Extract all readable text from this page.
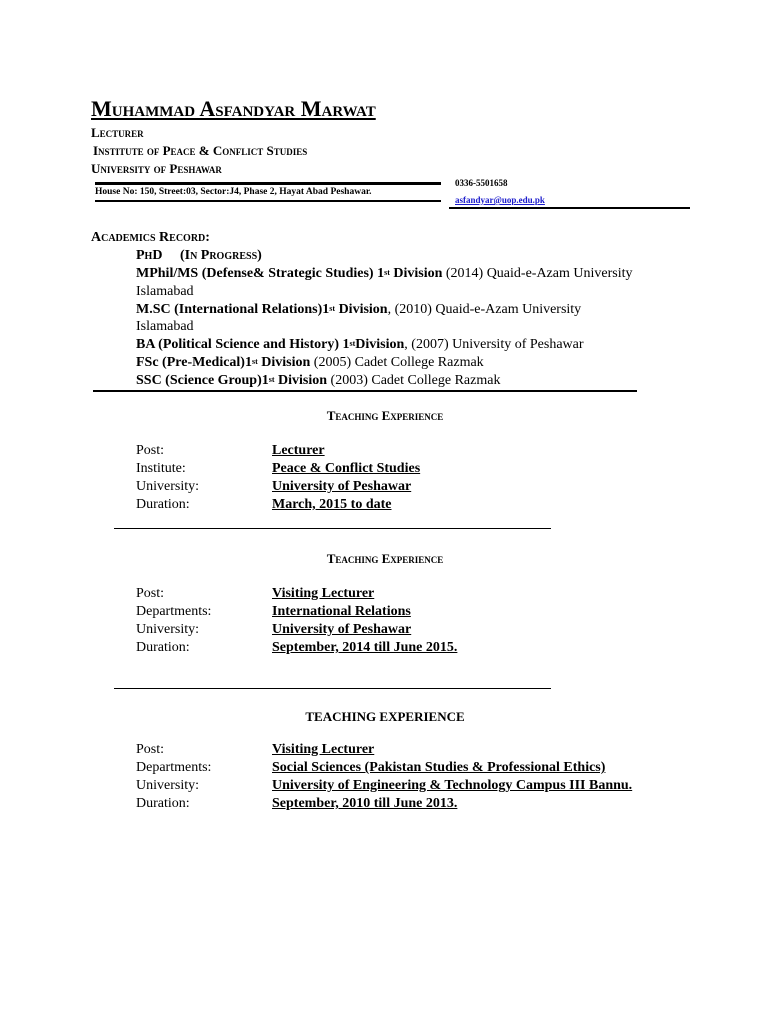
Muhammad Asfandyar Marwat
Lecturer
Institute of Peace & Conflict Studies
University of Peshawar
House No: 150, Street:03, Sector:J4, Phase 2, Hayat Abad Peshawar.
0336-5501658
asfandyar@uop.edu.pk
Academics Record:
PhD (In Progress)
MPhil/MS (Defense& Strategic Studies) 1st Division (2014) Quaid-e-Azam University
Islamabad
M.SC (International Relations)1st Division, (2010) Quaid-e-Azam University
Islamabad
BA (Political Science and History) 1stDivision, (2007) University of Peshawar
FSc (Pre-Medical)1st Division (2005) Cadet College Razmak
SSC (Science Group)1st Division (2003) Cadet College Razmak
Teaching Experience
Post:	Lecturer
Institute:	Peace & Conflict Studies
University:	University of Peshawar
Duration:	March, 2015 to date
Teaching Experience
Post:	Visiting Lecturer
Departments:	International Relations
University:	University of Peshawar
Duration:	September, 2014 till June 2015.
TEACHING EXPERIENCE
Post:	Visiting Lecturer
Departments:	Social Sciences (Pakistan Studies & Professional Ethics)
University:	University of Engineering & Technology Campus III Bannu.
Duration:	September, 2010 till June 2013.
